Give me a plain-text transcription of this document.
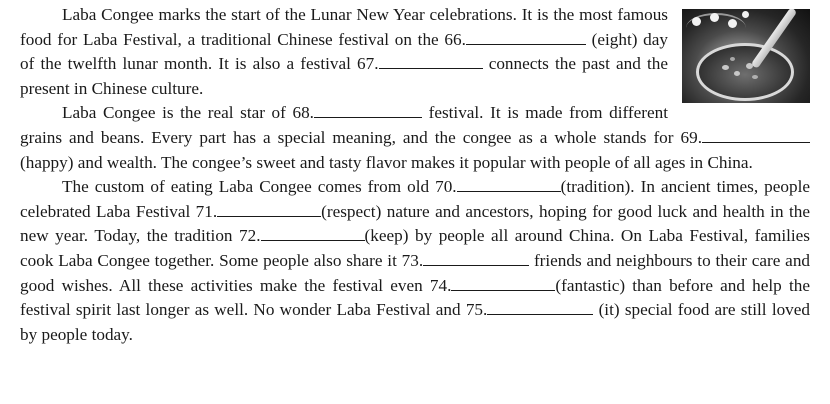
Laba Congee marks the start of the Lunar New Year celebrations. It is the most famous food for Laba Festival, a traditional Chinese festival on the 66.	(eight) day of the twelfth lunar month. It is also a festival 67.	connects the past and the present in Chinese culture.

Laba Congee is the real star of 68.	festival. It is made from different grains and beans. Every part has a special meaning, and the congee as a whole stands for 69.(happy) and wealth. The congee’s sweet and tasty flavor makes it popular with people of all ages in China.

The custom of eating Laba Congee comes from old 70.	(tradition). In ancient times, people celebrated Laba Festival 71.	(respect) nature and ancestors, hoping for good luck and health in the new year. Today, the tradition 72.	(keep) by people all around China. On Laba Festival, families cook Laba Congee together. Some people also share it 73.	friends and neighbours to their care and good wishes. All these activities make the festival even 74.	(fantastic) than before and help the festival spirit last longer as well. No wonder Laba Festival and 75.	(it) special food are still loved by people today.
